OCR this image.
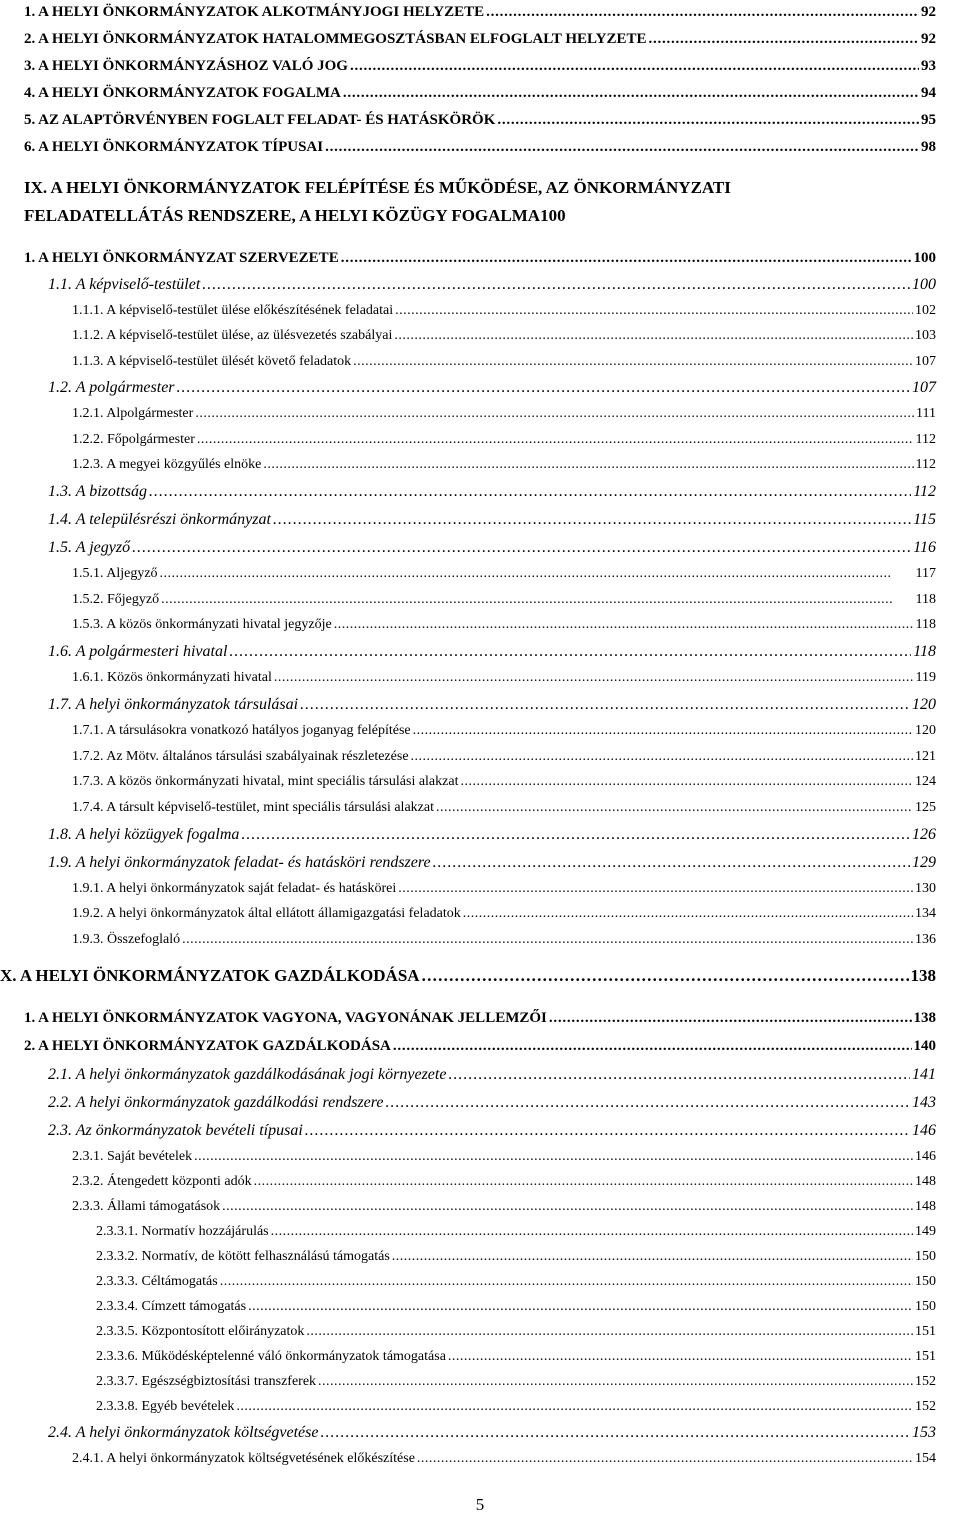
1. A HELYI ÖNKORMÁNYZATOK ALKOTMÁNYJOGI HELYZETE . . .	92
2. A HELYI ÖNKORMÁNYZATOK HATALOMMEGOSZTÁSBAN ELFOGLALT HELYZETE . . .	92
3. A HELYI ÖNKORMÁNYZÁSHOZ VALÓ JOG . . .	93
4. A HELYI ÖNKORMÁNYZATOK FOGALMA . . .	94
5. AZ ALAPTÖRVÉNYBEN FOGLALT FELADAT- ÉS HATÁSKÖRÖK . . .	95
6. A HELYI ÖNKORMÁNYZATOK TÍPUSAI . . .	98
IX. A HELYI ÖNKORMÁNYZATOK FELÉPÍTÉSE ÉS MŰKÖDÉSE, AZ ÖNKORMÁNYZATI
FELADATELLÁTÁS RENDSZERE, A HELYI KÖZÜGY FOGALMA 100
1. A HELYI ÖNKORMÁNYZAT SZERVEZETE . . .	100
1.1. A képviselő-testület . . .	100
1.1.1. A képviselő-testület ülése előkészítésének feladatai . . .	102
1.1.2. A képviselő-testület ülése, az ülésvezetés szabályai . . .	103
1.1.3. A képviselő-testület ülését követő feladatok . . .	107
1.2. A polgármester . . .	107
1.2.1. Alpolgármester . . .	111
1.2.2. Főpolgármester . . .	112
1.2.3. A megyei közgyűlés elnöke . . .	112
1.3. A bizottság . . .	112
1.4. A településrészi önkormányzat . . .	115
1.5. A jegyző . . .	116
1.5.1. Aljegyző . . .	117
1.5.2. Főjegyző . . .	118
1.5.3. A közös önkormányzati hivatal jegyzője . . .	118
1.6. A polgármesteri hivatal . . .	118
1.6.1. Közös önkormányzati hivatal . . .	119
1.7. A helyi önkormányzatok társulásai . . .	120
1.7.1. A társulásokra vonatkozó hatályos joganyag felépítése . . .	120
1.7.2. Az Mötv. általános társulási szabályainak részletezése . . .	121
1.7.3. A közös önkormányzati hivatal, mint speciális társulási alakzat . . .	124
1.7.4. A társult képviselő-testület, mint speciális társulási alakzat . . .	125
1.8. A helyi közügyek fogalma . . .	126
1.9. A helyi önkormányzatok feladat- és hatásköri rendszere . . .	129
1.9.1. A helyi önkormányzatok saját feladat- és hatáskörei . . .	130
1.9.2. A helyi önkormányzatok által ellátott államigazgatási feladatok . . .	134
1.9.3. Összefoglaló . . .	136
X. A HELYI ÖNKORMÁNYZATOK GAZDÁLKODÁSA . . .	138
1. A HELYI ÖNKORMÁNYZATOK VAGYONA, VAGYONÁNAK JELLEMZŐI . . .	138
2. A HELYI ÖNKORMÁNYZATOK GAZDÁLKODÁSA . . .	140
2.1. A helyi önkormányzatok gazdálkodásának jogi környezete . . .	141
2.2. A helyi önkormányzatok gazdálkodási rendszere . . .	143
2.3. Az önkormányzatok bevételi típusai . . .	146
2.3.1. Saját bevételek . . .	146
2.3.2. Átengedett központi adók . . .	148
2.3.3. Állami támogatások . . .	148
2.3.3.1. Normatív hozzájárulás . . .	149
2.3.3.2. Normatív, de kötött felhasználású támogatás . . .	150
2.3.3.3. Céltámogatás . . .	150
2.3.3.4. Címzett támogatás . . .	150
2.3.3.5. Központosított előirányzatok . . .	151
2.3.3.6. Működésképtelenné váló önkormányzatok támogatása . . .	151
2.3.3.7. Egészségbiztosítási transzferek . . .	152
2.3.3.8. Egyéb bevételek . . .	152
2.4. A helyi önkormányzatok költségvetése . . .	153
2.4.1. A helyi önkormányzatok költségvetésének előkészítése . . .	154
5
